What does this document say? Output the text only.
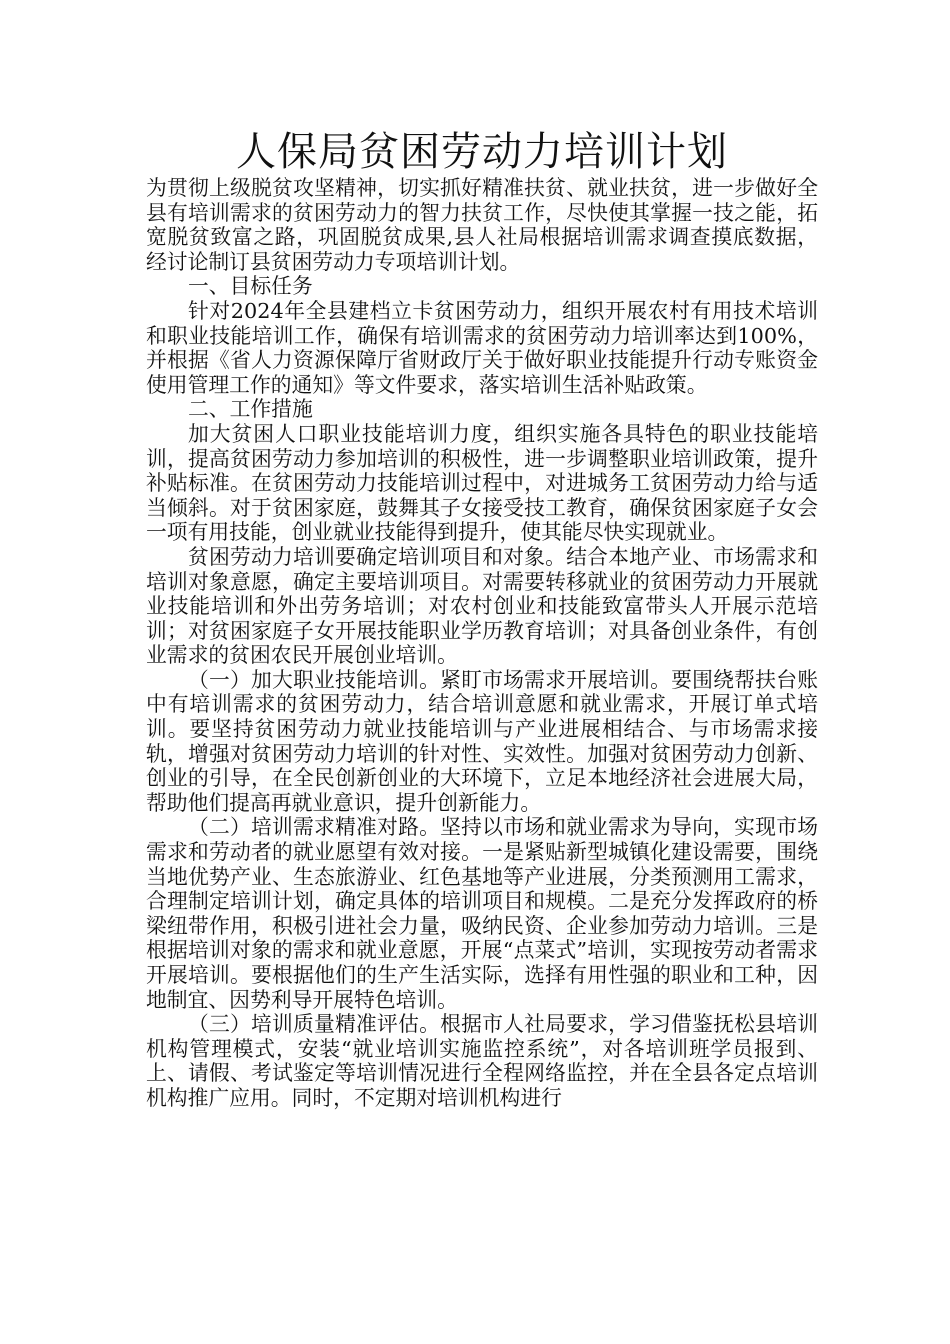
人保局贫困劳动力培训计划

为贯彻上级脱贫攻坚精神，切实抓好精准扶贫、就业扶贫，进一步做好全县有培训需求的贫困劳动力的智力扶贫工作，尽快使其掌握一技之能，拓宽脱贫致富之路，巩固脱贫成果,县人社局根据培训需求调查摸底数据，经讨论制订县贫困劳动力专项培训计划。

一、目标任务

针对2024年全县建档立卡贫困劳动力，组织开展农村有用技术培训和职业技能培训工作，确保有培训需求的贫困劳动力培训率达到100%，并根据《省人力资源保障厅省财政厅关于做好职业技能提升行动专账资金使用管理工作的通知》等文件要求，落实培训生活补贴政策。

二、工作措施

加大贫困人口职业技能培训力度，组织实施各具特色的职业技能培训，提高贫困劳动力参加培训的积极性，进一步调整职业培训政策，提升补贴标准。在贫困劳动力技能培训过程中，对进城务工贫困劳动力给与适当倾斜。对于贫困家庭，鼓舞其子女接受技工教育，确保贫困家庭子女会一项有用技能，创业就业技能得到提升，使其能尽快实现就业。

贫困劳动力培训要确定培训项目和对象。结合本地产业、市场需求和培训对象意愿，确定主要培训项目。对需要转移就业的贫困劳动力开展就业技能培训和外出劳务培训；对农村创业和技能致富带头人开展示范培训；对贫困家庭子女开展技能职业学历教育培训；对具备创业条件，有创业需求的贫困农民开展创业培训。

（一）加大职业技能培训。紧盯市场需求开展培训。要围绕帮扶台账中有培训需求的贫困劳动力，结合培训意愿和就业需求，开展订单式培训。要坚持贫困劳动力就业技能培训与产业进展相结合、与市场需求接轨，增强对贫困劳动力培训的针对性、实效性。加强对贫困劳动力创新、创业的引导，在全民创新创业的大环境下，立足本地经济社会进展大局，帮助他们提高再就业意识，提升创新能力。

（二）培训需求精准对路。坚持以市场和就业需求为导向，实现市场需求和劳动者的就业愿望有效对接。一是紧贴新型城镇化建设需要，围绕当地优势产业、生态旅游业、红色基地等产业进展，分类预测用工需求，合理制定培训计划，确定具体的培训项目和规模。二是充分发挥政府的桥梁纽带作用，积极引进社会力量，吸纳民资、企业参加劳动力培训。三是根据培训对象的需求和就业意愿，开展“点菜式”培训，实现按劳动者需求开展培训。要根据他们的生产生活实际，选择有用性强的职业和工种，因地制宜、因势利导开展特色培训。

（三）培训质量精准评估。根据市人社局要求，学习借鉴抚松县培训机构管理模式，安装“就业培训实施监控系统”，对各培训班学员报到、上、请假、考试鉴定等培训情况进行全程网络监控，并在全县各定点培训机构推广应用。同时，不定期对培训机构进行
